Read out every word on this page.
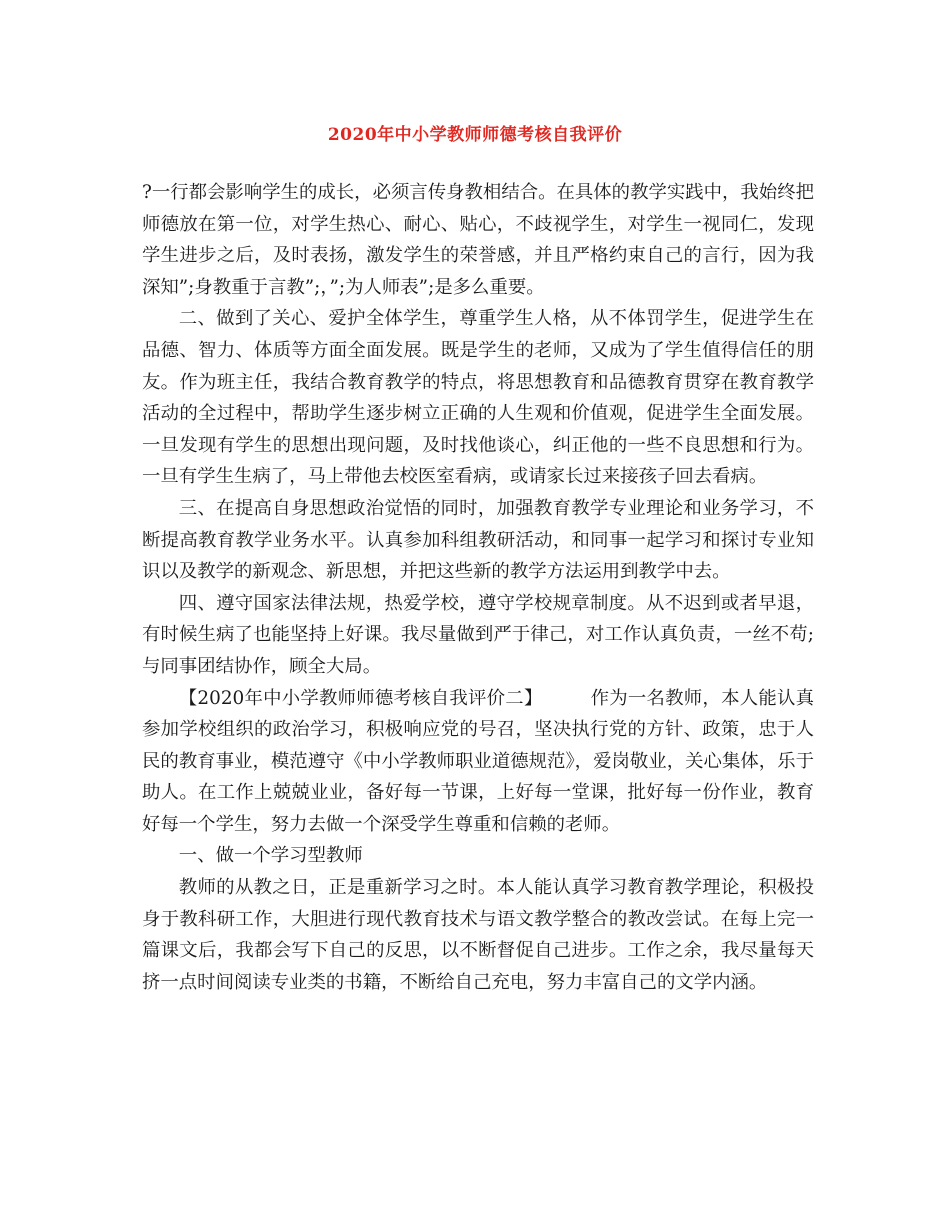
2020年中小学教师师德考核自我评价

?一行都会影响学生的成长，必须言传身教相结合。在具体的教学实践中，我始终把师德放在第一位，对学生热心、耐心、贴心，不歧视学生，对学生一视同仁，发现学生进步之后，及时表扬，激发学生的荣誉感，并且严格约束自己的言行，因为我深知”;身教重于言教”;，”;为人师表”;是多么重要。

二、做到了关心、爱护全体学生，尊重学生人格，从不体罚学生，促进学生在品德、智力、体质等方面全面发展。既是学生的老师，又成为了学生值得信任的朋友。作为班主任，我结合教育教学的特点，将思想教育和品德教育贯穿在教育教学活动的全过程中，帮助学生逐步树立正确的人生观和价值观，促进学生全面发展。一旦发现有学生的思想出现问题，及时找他谈心，纠正他的一些不良思想和行为。一旦有学生生病了，马上带他去校医室看病，或请家长过来接孩子回去看病。

三、在提高自身思想政治觉悟的同时，加强教育教学专业理论和业务学习，不断提高教育教学业务水平。认真参加科组教研活动，和同事一起学习和探讨专业知识以及教学的新观念、新思想，并把这些新的教学方法运用到教学中去。

四、遵守国家法律法规，热爱学校，遵守学校规章制度。从不迟到或者早退，有时候生病了也能坚持上好课。我尽量做到严于律己，对工作认真负责，一丝不苟;与同事团结协作，顾全大局。

【2020年中小学教师师德考核自我评价二】	作为一名教师，本人能认真参加学校组织的政治学习，积极响应党的号召，坚决执行党的方针、政策，忠于人民的教育事业，模范遵守《中小学教师职业道德规范》，爱岗敬业，关心集体，乐于助人。在工作上兢兢业业，备好每一节课，上好每一堂课，批好每一份作业，教育好每一个学生，努力去做一个深受学生尊重和信赖的老师。

一、做一个学习型教师

教师的从教之日，正是重新学习之时。本人能认真学习教育教学理论，积极投身于教科研工作，大胆进行现代教育技术与语文教学整合的教改尝试。在每上完一篇课文后，我都会写下自己的反思，以不断督促自己进步。工作之余，我尽量每天挤一点时间阅读专业类的书籍，不断给自己充电，努力丰富自己的文学内涵。
